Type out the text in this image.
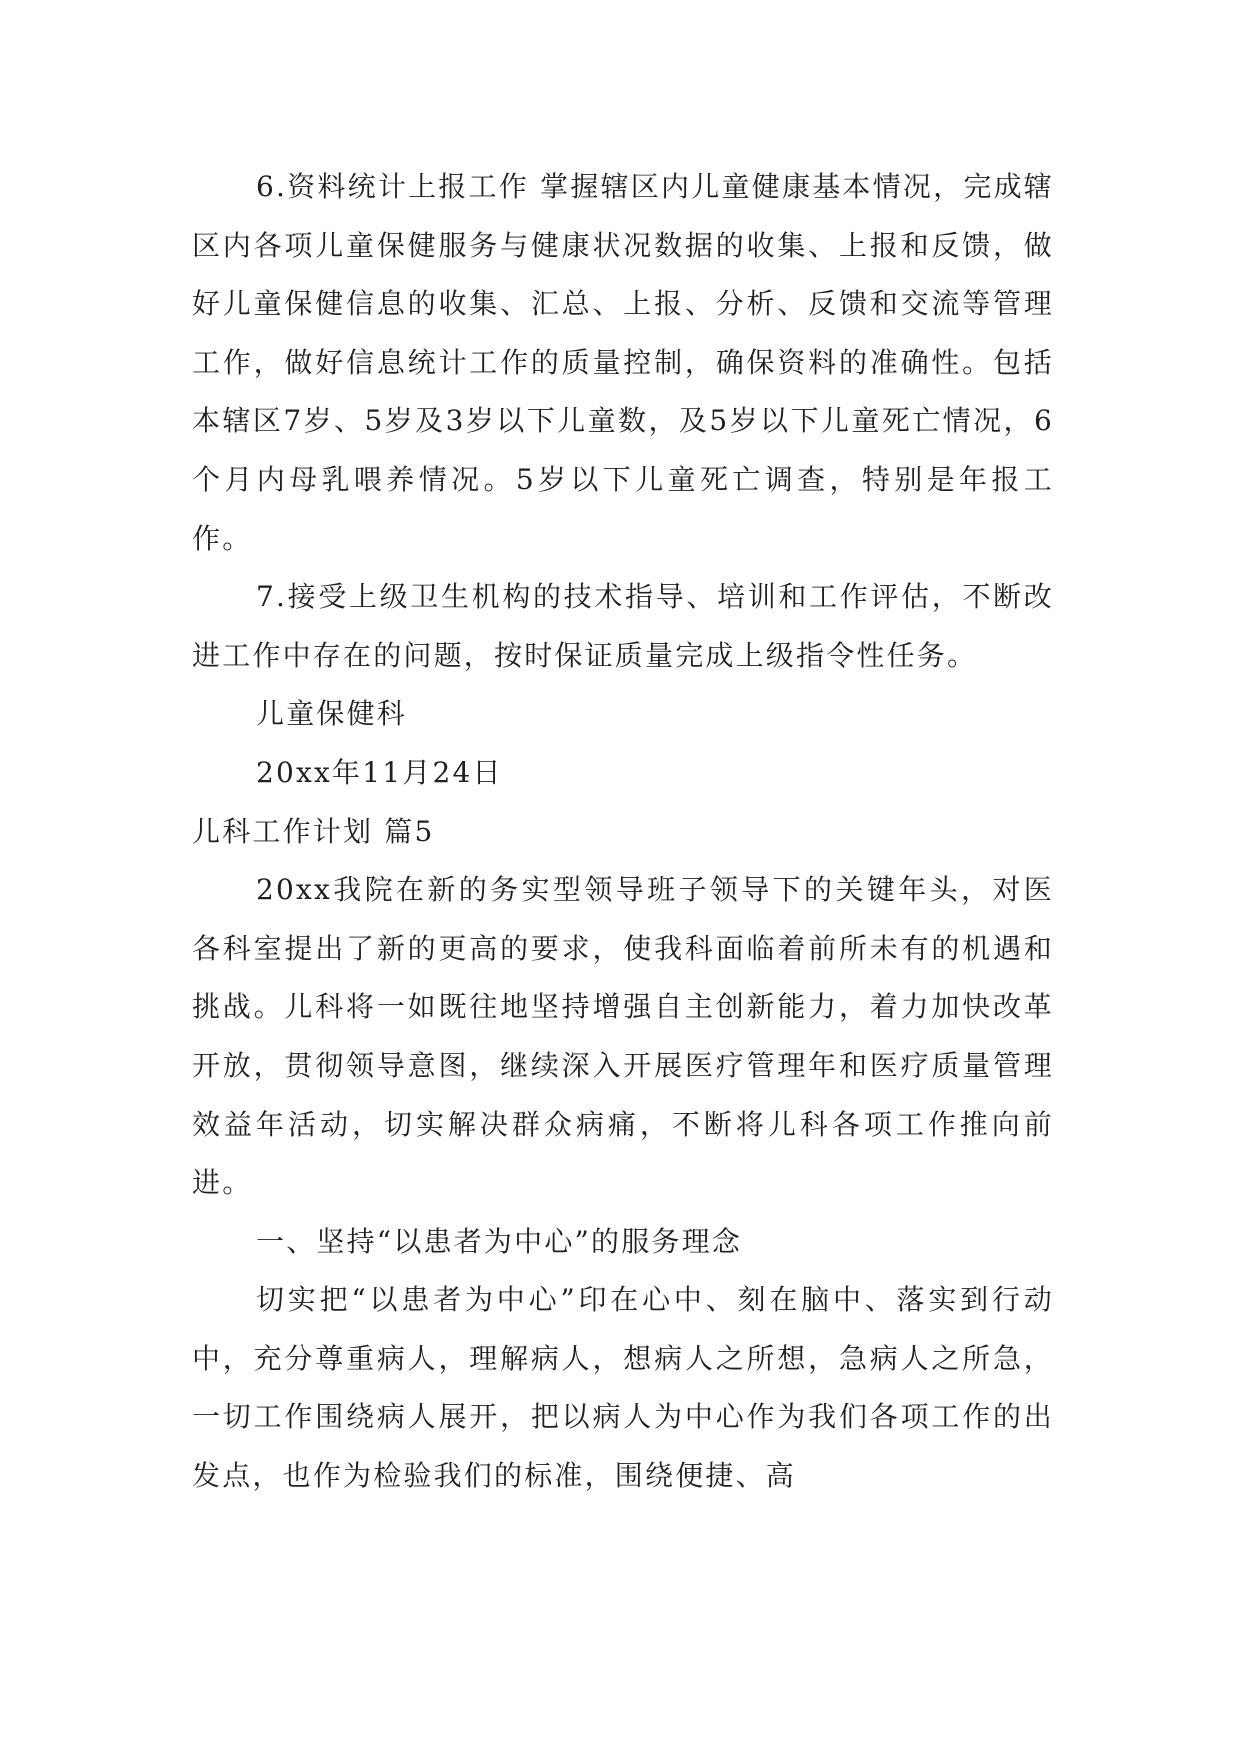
6.资料统计上报工作 掌握辖区内儿童健康基本情况，完成辖区内各项儿童保健服务与健康状况数据的收集、上报和反馈，做好儿童保健信息的收集、汇总、上报、分析、反馈和交流等管理工作，做好信息统计工作的质量控制，确保资料的准确性。包括本辖区7岁、5岁及3岁以下儿童数，及5岁以下儿童死亡情况，6个月内母乳喂养情况。5岁以下儿童死亡调查，特别是年报工作。

7.接受上级卫生机构的技术指导、培训和工作评估，不断改进工作中存在的问题，按时保证质量完成上级指令性任务。

儿童保健科

20xx年11月24日

儿科工作计划 篇5

20xx我院在新的务实型领导班子领导下的关键年头，对医各科室提出了新的更高的要求，使我科面临着前所未有的机遇和挑战。儿科将一如既往地坚持增强自主创新能力，着力加快改革开放，贯彻领导意图，继续深入开展医疗管理年和医疗质量管理效益年活动，切实解决群众病痛，不断将儿科各项工作推向前进。

一、坚持“以患者为中心”的服务理念

切实把“以患者为中心”印在心中、刻在脑中、落实到行动中，充分尊重病人，理解病人，想病人之所想，急病人之所急，一切工作围绕病人展开，把以病人为中心作为我们各项工作的出发点，也作为检验我们的标准，围绕便捷、高
